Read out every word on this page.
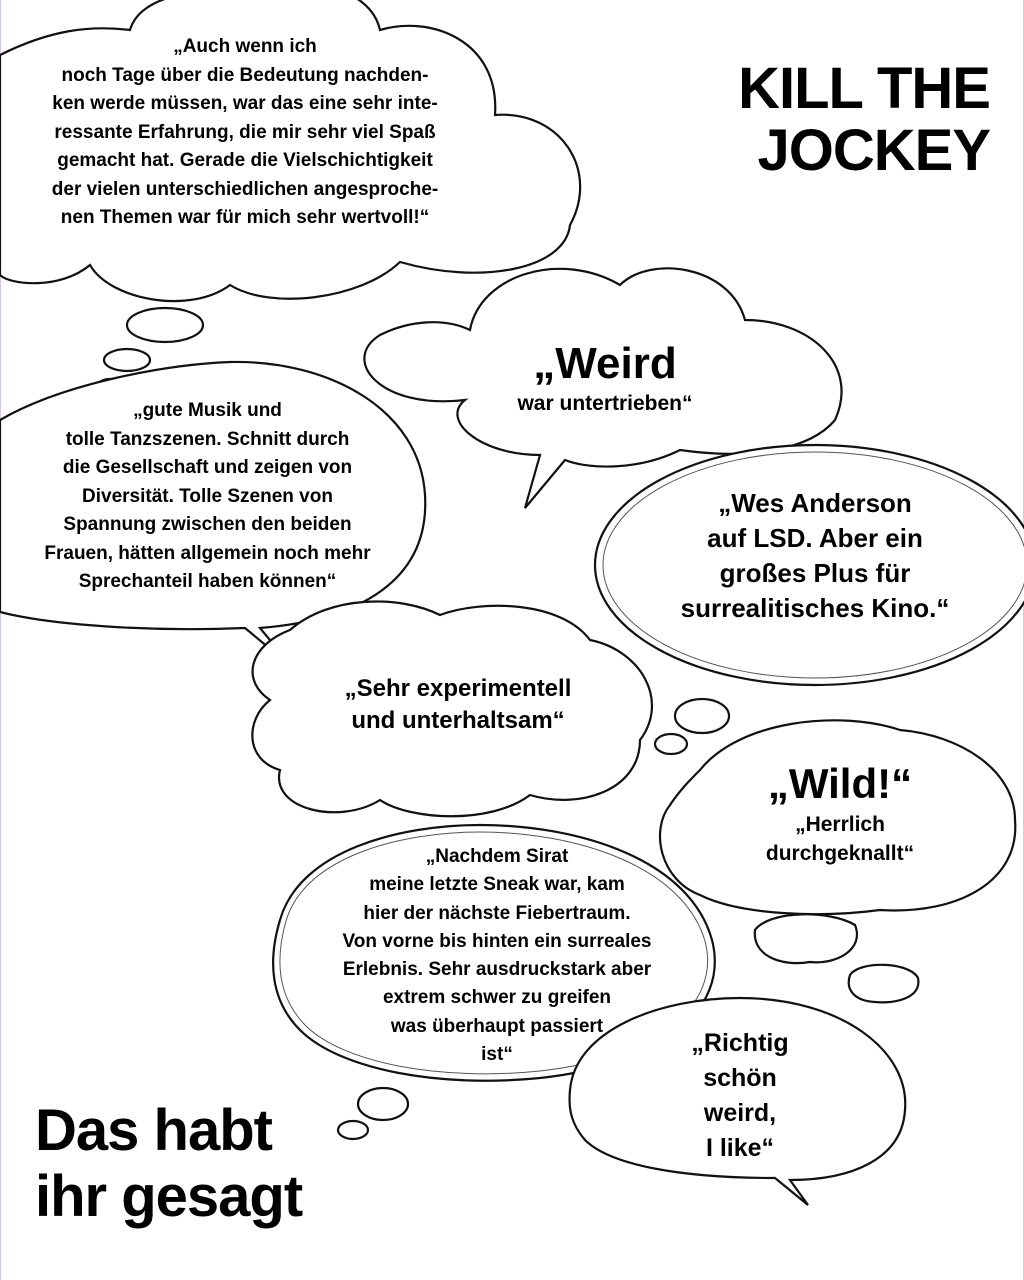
KILL THE
JOCKEY
Das habt
ihr gesagt
„Auch wenn ich
noch Tage über die Bedeutung nachden-
ken werde müssen, war das eine sehr inte-
ressante Erfahrung, die mir sehr viel Spaß
gemacht hat. Gerade die Vielschichtigkeit
der vielen unterschiedlichen angesproche-
nen Themen war für mich sehr wertvoll!“
„Weird
war untertrieben“
„gute Musik und
tolle Tanzszenen. Schnitt durch
die Gesellschaft und zeigen von
Diversität. Tolle Szenen von
Spannung zwischen den beiden
Frauen, hätten allgemein noch mehr
Sprechanteil haben können“
„Wes Anderson
auf LSD. Aber ein
großes Plus für
surrealitisches Kino.“
„Sehr experimentell
und unterhaltsam“
„Wild!“
„Herrlich
durchgeknallt“
„Nachdem Sirat
meine letzte Sneak war, kam
hier der nächste Fiebertraum.
Von vorne bis hinten ein surreales
Erlebnis. Sehr ausdruckstark aber
extrem schwer zu greifen
was überhaupt passiert
ist“	„Richtig
schön
weird,
I like“
